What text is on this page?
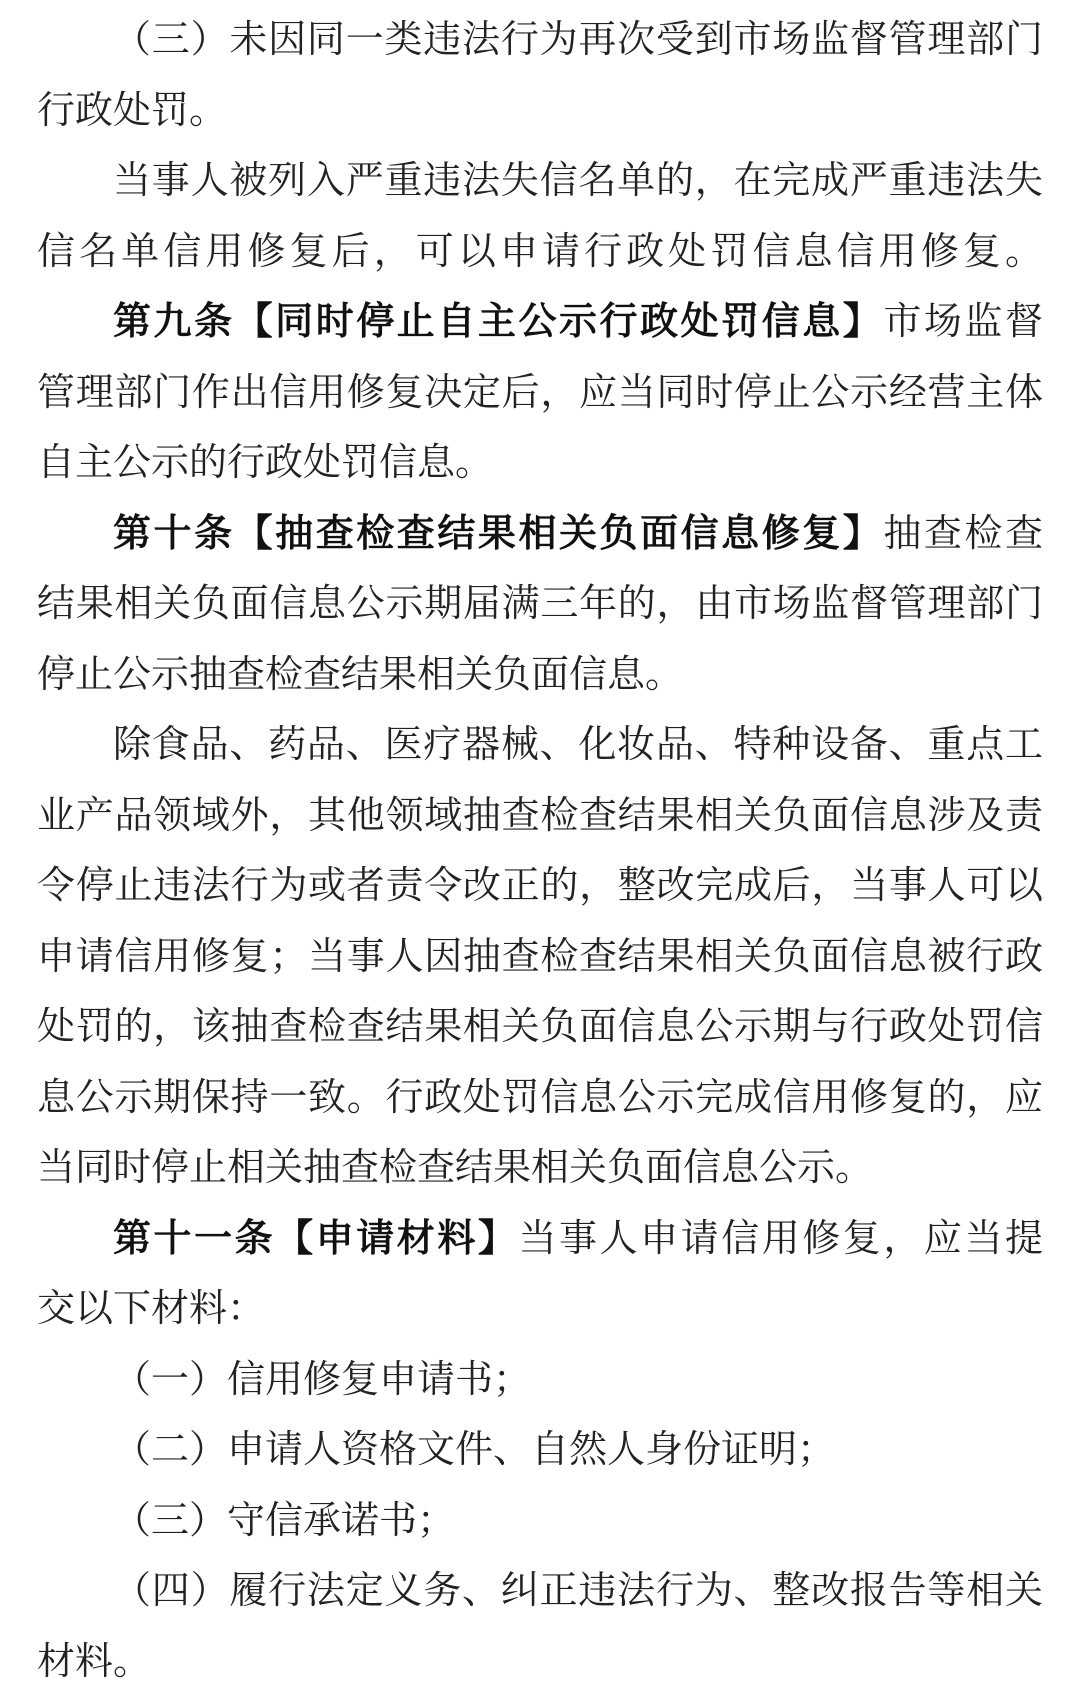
（三）未因同一类违法行为再次受到市场监督管理部门
行政处罚。
当事人被列入严重违法失信名单的，在完成严重违法失
信名单信用修复后，可以申请行政处罚信息信用修复。
第九条【同时停止自主公示行政处罚信息】市场监督
管理部门作出信用修复决定后，应当同时停止公示经营主体
自主公示的行政处罚信息。
第十条【抽查检查结果相关负面信息修复】抽查检查
结果相关负面信息公示期届满三年的，由市场监督管理部门
停止公示抽查检查结果相关负面信息。
除食品、药品、医疗器械、化妆品、特种设备、重点工
业产品领域外，其他领域抽查检查结果相关负面信息涉及责
令停止违法行为或者责令改正的，整改完成后，当事人可以
申请信用修复；当事人因抽查检查结果相关负面信息被行政
处罚的，该抽查检查结果相关负面信息公示期与行政处罚信
息公示期保持一致。行政处罚信息公示完成信用修复的，应
当同时停止相关抽查检查结果相关负面信息公示。
第十一条【申请材料】当事人申请信用修复，应当提
交以下材料：
（一）信用修复申请书；
（二）申请人资格文件、自然人身份证明；
（三）守信承诺书；
（四）履行法定义务、纠正违法行为、整改报告等相关
材料。
